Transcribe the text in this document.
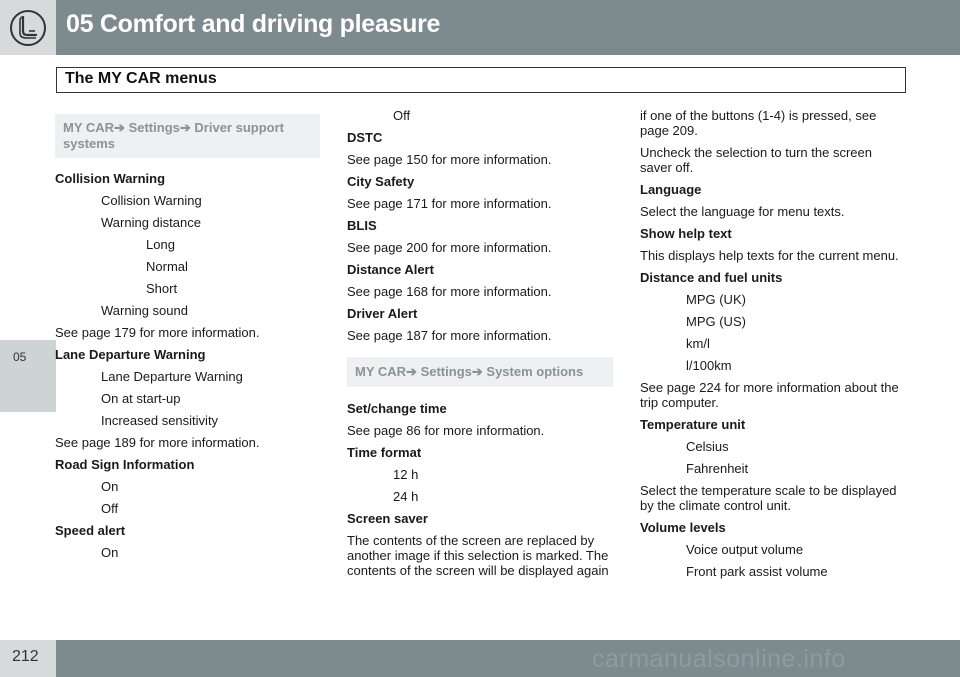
05 Comfort and driving pleasure
05
The MY CAR menus
MY CAR➔ Settings➔ Driver support systems
Collision Warning
Collision Warning
Warning distance
Long
Normal
Short
Warning sound
See page 179 for more information.
Lane Departure Warning
Lane Departure Warning
On at start-up
Increased sensitivity
See page 189 for more information.
Road Sign Information
On
Off
Speed alert
On
Off
DSTC
See page 150 for more information.
City Safety
See page 171 for more information.
BLIS
See page 200 for more information.
Distance Alert
See page 168 for more information.
Driver Alert
See page 187 for more information.
MY CAR➔ Settings➔ System options
Set/change time
See page 86 for more information.
Time format
12 h
24 h
Screen saver
The contents of the screen are replaced by another image if this selection is marked. The contents of the screen will be displayed again
if one of the buttons (1-4) is pressed, see page 209.
Uncheck the selection to turn the screen saver off.
Language
Select the language for menu texts.
Show help text
This displays help texts for the current menu.
Distance and fuel units
MPG (UK)
MPG (US)
km/l
l/100km
See page 224 for more information about the trip computer.
Temperature unit
Celsius
Fahrenheit
Select the temperature scale to be displayed by the climate control unit.
Volume levels
Voice output volume
Front park assist volume
212	carmanualsonline.info
